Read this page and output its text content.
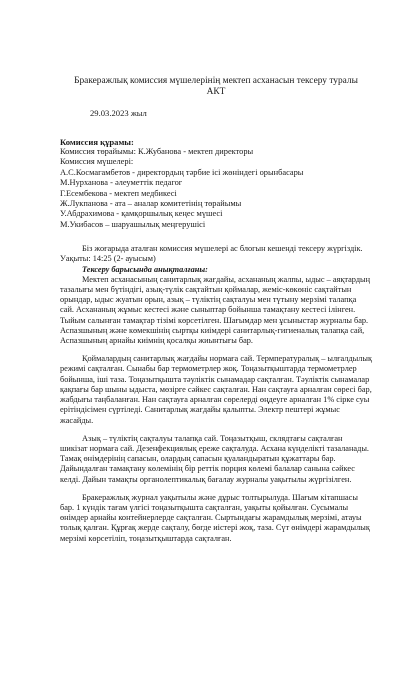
Бракеражлық комиссия мүшелерінің мектеп асханасын тексеру туралы
АКТ

29.03.2023 жыл

Комиссия құрамы:

Комиссия төрайымы: К.Жубанова - мектеп директоры

Комиссия мүшелері:

А.С.Космагамбетов - директордың тәрбие ісі жөніндегі орынбасары

М.Нурханова - әлеуметтік педагог

Г.Есембекова - мектеп медбикесі

Ж.Лукпанова - ата – аналар комитетінің төрайымы

У.Абдрахимова - қамқоршылық кеңес мүшесі

М.Укибасов – шаруашылық меңгерушісі

Біз жоғарыда аталған комиссия мүшелері ас блогын кешенді тексеру жүргіздік. Уақыты: 14:25 (2- ауысым)

Тексеру барысында анықталғаны:

Мектеп асханасының санитарлық жағдайы, асхананың жалпы, ыдыс – аяқтардың тазалығы мен бүтіндігі, азық-түлік сақтайтын қоймалар, жеміс-көкөніс сақтайтын орындар, ыдыс жуатын орын, азық – түліктің сақталуы мен түтыну мерзімі талапқа сай. Асхананың жұмыс кестесі және сыныптар бойынша тамақтану кестесі ілінген. Тыйым салынған тамақтар тізімі көрсетілген. Шағымдар мен ұсыныстар журналы бар. Аспазшының және көмекшінің сыртқы киімдері санитарлық-гигиеналық талапқа сай, Аспазшының арнайы киімнің қосалқы жиынтығы бар.

Қоймалардың санитарлық жағдайы нормаға сай. Термпературалық – ылғалдылық режимі сақталған. Сынабы бар термометрлер жоқ. Тоңазытқыштарда термометрлер бойынша, іші таза. Тоңазытқышта тәуліктік сынамадар сақталған. Тәуліктік сынамалар қақпағы бар шыны ыдыста, мөзірге сәйкес сақталған. Нан сақтауға арналған сөресі бар, жабдығы таңбаланған. Нан сақтауға арналған сөрелерді өңдеуге арналған 1% сірке суы ерітіндісімен сүртіледі. Санитарлық жағдайы қалыпты. Электр пештері жұмыс жасайды.

Азық – түліктің сақталуы талапқа сай. Тоңазытқыш, склядтағы сақталған шикізат нормаға сай. Дезенфекциялық ереже сақталуда. Асхана күнделікті тазаланады. Тамақ өнімдерінің сапасын, олардың сапасын қуаландыратын құжаттары бар. Дайындалған тамақтану көлемінің бір реттік порция көлемі балалар санына сәйкес келді. Дайын тамақты органолептикалық бағалау журналы уақытылы жүргізілген.

Бракеражлық журнал уақытылы және дұрыс толтырылуда. Шағым кітапшасы бар. 1 күндік тағам үлгісі тоңазытқышта сақталған, уақыты қойылған. Сусымалы өнімдер арнайы контейнерлерде сақталған. Сыртындағы жарамдылық мерзімі, атауы толық қалған. Құрғақ жерде сақталу, бөгде иістері жоқ, таза. Сүт өнімдері жарамдылық мерзімі көрсетіліп, тоңазытқыштарда сақталған.
